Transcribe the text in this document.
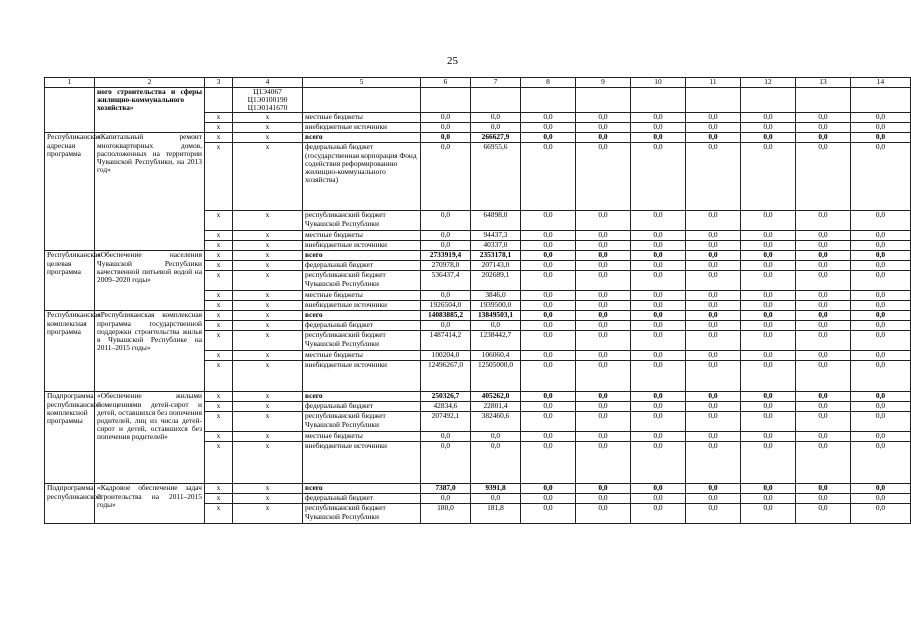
25
1	2	3	4	5	6	7	8	9	10	11	12	13	14
	ного строительства и сферы жилищно-коммунального хозяйства»		Ц1Э4067 Ц1Э0100190 Ц1Э0141670										
		x	x	местные бюджеты	0,0	0,0	0,0	0,0	0,0	0,0	0,0	0,0	0,0
		x	x	внебюджетные источники	0,0	0,0	0,0	0,0	0,0	0,0	0,0	0,0	0,0
Республиканская адресная программа	«Капитальный ремонт многоквартирных домов, расположенных на территории Чувашской Республики, на 2013 год»	x	x	всего	0,0	266627,9	0,0	0,0	0,0	0,0	0,0	0,0	0,0
		x	x	федеральный бюджет (государственная корпорация Фонд содействия реформированию жилищно-коммунального хозяйства)	0,0	66955,6	0,0	0,0	0,0	0,0	0,0	0,0	0,0
		x	x	республиканский бюджет Чувашской Республики	0,0	64898,0	0,0	0,0	0,0	0,0	0,0	0,0	0,0
		x	x	местные бюджеты	0,0	94437,3	0,0	0,0	0,0	0,0	0,0	0,0	0,0
		x	x	внебюджетные источники	0,0	40337,0	0,0	0,0	0,0	0,0	0,0	0,0	0,0
Республиканская целевая программа	«Обеспечение населения Чувашской Республики качественной питьевой водой на 2009–2020 годы»	x	x	всего	2733919,4	2353178,1	0,0	0,0	0,0	0,0	0,0	0,0	0,0
		x	x	федеральный бюджет	270978,0	207143,0	0,0	0,0	0,0	0,0	0,0	0,0	0,0
		x	x	республиканский бюджет Чувашской Республики	536437,4	202689,1	0,0	0,0	0,0	0,0	0,0	0,0	0,0
		x	x	местные бюджеты	0,0	3846,0	0,0	0,0	0,0	0,0	0,0	0,0	0,0
		x	x	внебюджетные источники	1926504,0	1939500,0	0,0	0,0	0,0	0,0	0,0	0,0	0,0
Республиканская комплексная программа	«Республиканская комплексная программа государственной поддержки строительства жилья в Чувашской Республике на 2011–2015 годы»	x	x	всего	14083885,2	13849503,1	0,0	0,0	0,0	0,0	0,0	0,0	0,0
		x	x	федеральный бюджет	0,0	0,0	0,0	0,0	0,0	0,0	0,0	0,0	0,0
		x	x	республиканский бюджет Чувашской Республики	1487414,2	1238442,7	0,0	0,0	0,0	0,0	0,0	0,0	0,0
		x	x	местные бюджеты	100204,0	106060,4	0,0	0,0	0,0	0,0	0,0	0,0	0,0
		x	x	внебюджетные источники	12496267,0	12505000,0	0,0	0,0	0,0	0,0	0,0	0,0	0,0
Подпрограмма республиканской комплексной программы	«Обеспечение жилыми помещениями детей-сирот и детей, оставшихся без попечения родителей, лиц из числа детей-сирот и детей, оставшихся без попечения родителей»	x	x	всего	250326,7	405262,0	0,0	0,0	0,0	0,0	0,0	0,0	0,0
		x	x	федеральный бюджет	42834,6	22801,4	0,0	0,0	0,0	0,0	0,0	0,0	0,0
		x	x	республиканский бюджет Чувашской Республики	207492,1	382460,6	0,0	0,0	0,0	0,0	0,0	0,0	0,0
		x	x	местные бюджеты	0,0	0,0	0,0	0,0	0,0	0,0	0,0	0,0	0,0
		x	x	внебюджетные источники	0,0	0,0	0,0	0,0	0,0	0,0	0,0	0,0	0,0
Подпрограмма республиканской	«Кадровое обеспечение задач строительства на 2011–2015 годы»	x	x	всего	7387,0	9391,8	0,0	0,0	0,0	0,0	0,0	0,0	0,0
		x	x	федеральный бюджет	0,0	0,0	0,0	0,0	0,0	0,0	0,0	0,0	0,0
		x	x	республиканский бюджет Чувашской Республики	180,0	181,8	0,0	0,0	0,0	0,0	0,0	0,0	0,0
